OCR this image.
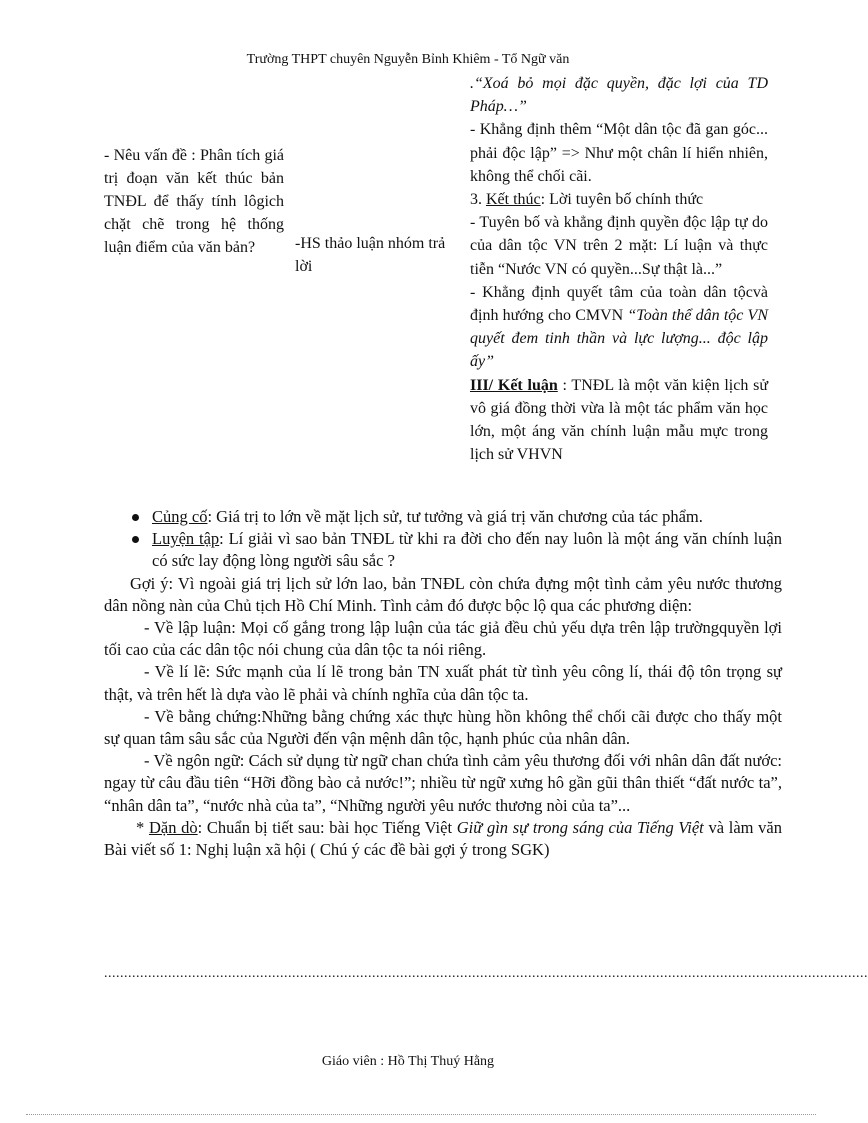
Trường THPT chuyên Nguyễn Bỉnh Khiêm - Tổ Ngữ văn
- Nêu vấn đề : Phân tích giá trị đoạn văn kết thúc bản TNĐL để thấy tính lôgich chặt chẽ trong hệ thống luận điểm của văn bản?	-HS thảo luận nhóm trả lời

.“Xoá bỏ mọi đặc quyền, đặc lợi của TD Pháp…”

- Khẳng định thêm “Một dân tộc đã gan góc... phải độc lập” => Như một chân lí hiển nhiên, không thể chối cãi.

3. Kết thúc: Lời tuyên bố chính thức

- Tuyên bố và khẳng định quyền độc lập tự do của dân tộc VN trên 2 mặt: Lí luận và thực tiễn “Nước VN có quyền...Sự thật là...”

- Khẳng định quyết tâm của toàn dân tộcvà định hướng cho CMVN “Toàn thể dân tộc VN quyết đem tinh thần và lực lượng... độc lập ấy”

III/ Kết luận : TNĐL là một văn kiện lịch sử vô giá đồng thời vừa là một tác phẩm văn học lớn, một áng văn chính luận mẫu mực trong lịch sử VHVN

Củng cố: Giá trị to lớn về mặt lịch sử, tư tưởng và giá trị văn chương của tác phẩm.
Luyện tập: Lí giải vì sao bản TNĐL từ khi ra đời cho đến nay luôn là một áng văn chính luận có sức lay động lòng người sâu sắc ?

Gợi ý: Vì ngoài giá trị lịch sử lớn lao, bản TNĐL còn chứa đựng một tình cảm yêu nước thương dân nồng nàn của Chủ tịch Hồ Chí Minh. Tình cảm đó được bộc lộ qua các phương diện:

- Về lập luận: Mọi cố gắng trong lập luận của tác giả đều chủ yếu dựa trên lập trườngquyền lợi tối cao của các dân tộc nói chung của dân tộc ta nói riêng.

- Về lí lẽ: Sức mạnh của lí lẽ trong bản TN xuất phát từ tình yêu công lí, thái độ tôn trọng sự thật, và trên hết là dựa vào lẽ phải và chính nghĩa của dân tộc ta.

- Về bằng chứng:Những bằng chứng xác thực hùng hồn không thể chối cãi được cho thấy một sự quan tâm sâu sắc của Người đến vận mệnh dân tộc, hạnh phúc của nhân dân.

- Về ngôn ngữ: Cách sử dụng từ ngữ chan chứa tình cảm yêu thương đối với nhân dân đất nước: ngay từ câu đầu tiên “Hỡi đồng bào cả nước!”; nhiều từ ngữ xưng hô gần gũi thân thiết “đất nước ta”, “nhân dân ta”, “nước nhà của ta”, “Những người yêu nước thương nòi của ta”...

* Dặn dò: Chuẩn bị tiết sau: bài học Tiếng Việt Giữ gìn sự trong sáng của Tiếng Việt và làm văn Bài viết số 1: Nghị luận xã hội ( Chú ý các đề bài gợi ý trong SGK)

...............................................................................................................................................................................................
Giáo viên : Hồ Thị Thuý Hằng
